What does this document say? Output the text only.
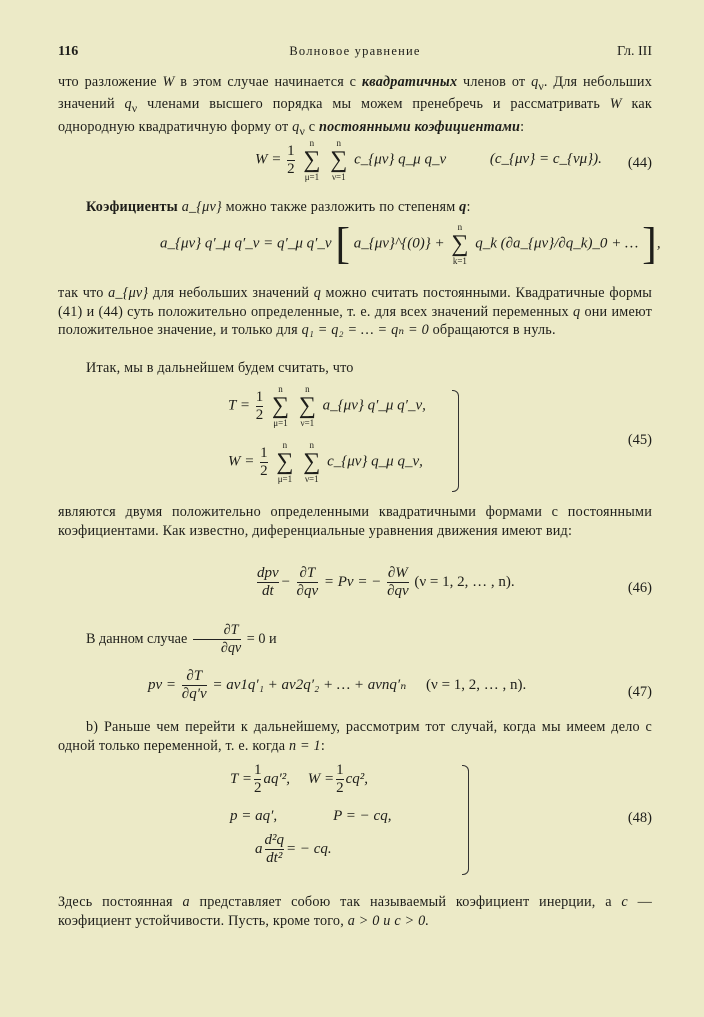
116	Волновое уравнение	Гл. III
что разложение W в этом случае начинается с квадратичных членов от $q_\nu$. Для небольших значений $q_\nu$ членами высшего порядка мы можем пренебречь и рассматривать W как однородную квадратичную форму от $q_\nu$ с постоянными коэфициентами:
$W = \frac{1}{2}$
	n
∑
μ=1

n
∑
ν=1
c_{μν} q_μ q_ν	(c_{μν} = c_{νμ}). (44)
Коэфициенты a_{μν} можно также разложить по степеням q:
a_{μν} q′_μ q′_ν = q′_μ q′_ν [ a_{μν}^{(0)} +
n
∑
k=1
q_k (∂a_{μν}/∂q_k)_0 + … ],
так что a_{μν} для небольших значений q можно считать постоянными. Квадратичные формы (41) и (44) суть положительно определенные, т. е. для всех значений переменных q они имеют положительное значение, и только для q₁ = q₂ = … = qₙ = 0 обращаются в нуль.
Итак, мы в дальнейшем будем считать, что
$T = \frac{1}{2}$
	n
∑
μ=1

n
∑
ν=1
a_{μν} q′_μ q′_ν,
$W = \frac{1}{2}$
	n
∑
μ=1

n
∑
ν=1
c_{μν} q_μ q_ν,
(45)
являются двумя положительно определенными квадратичными формами с постоянными коэфициентами. Как известно, диференциальные уравнения движения имеют вид:
$\frac{\text{dpν}}{dt} - \frac{\partial T}{\partial q\nu} = P\nu$ = − $\frac{\partial W}{\partial q\nu} (\nu = 1$, 2, … , n).	(46)
В данном случае $\frac{\partial T}{\partial q\nu} = 0$ и
$p\nu = \frac{\partial T}{\partial q'\nu} = a\nu 1q'_1 + a\nu 2q'_2$ + … + aνnq′ₙ (ν = 1, 2, … , n).	(47)
b) Раньше чем перейти к дальнейшему, рассмотрим тот случай, когда мы имеем дело с одной только переменной, т. е. когда n = 1:
$T = \frac{1}{2} aq'^2$, $W = \frac{1}{2} cq^2$,
p = aq′,	P = − cq,
a $\frac{\text{d²q}}{\text{dt²}}$ = − cq.
(48)
Здесь постоянная a представляет собою так называемый коэфициент инерции, а c — коэфициент устойчивости. Пусть, кроме того, a > 0 и c > 0.
